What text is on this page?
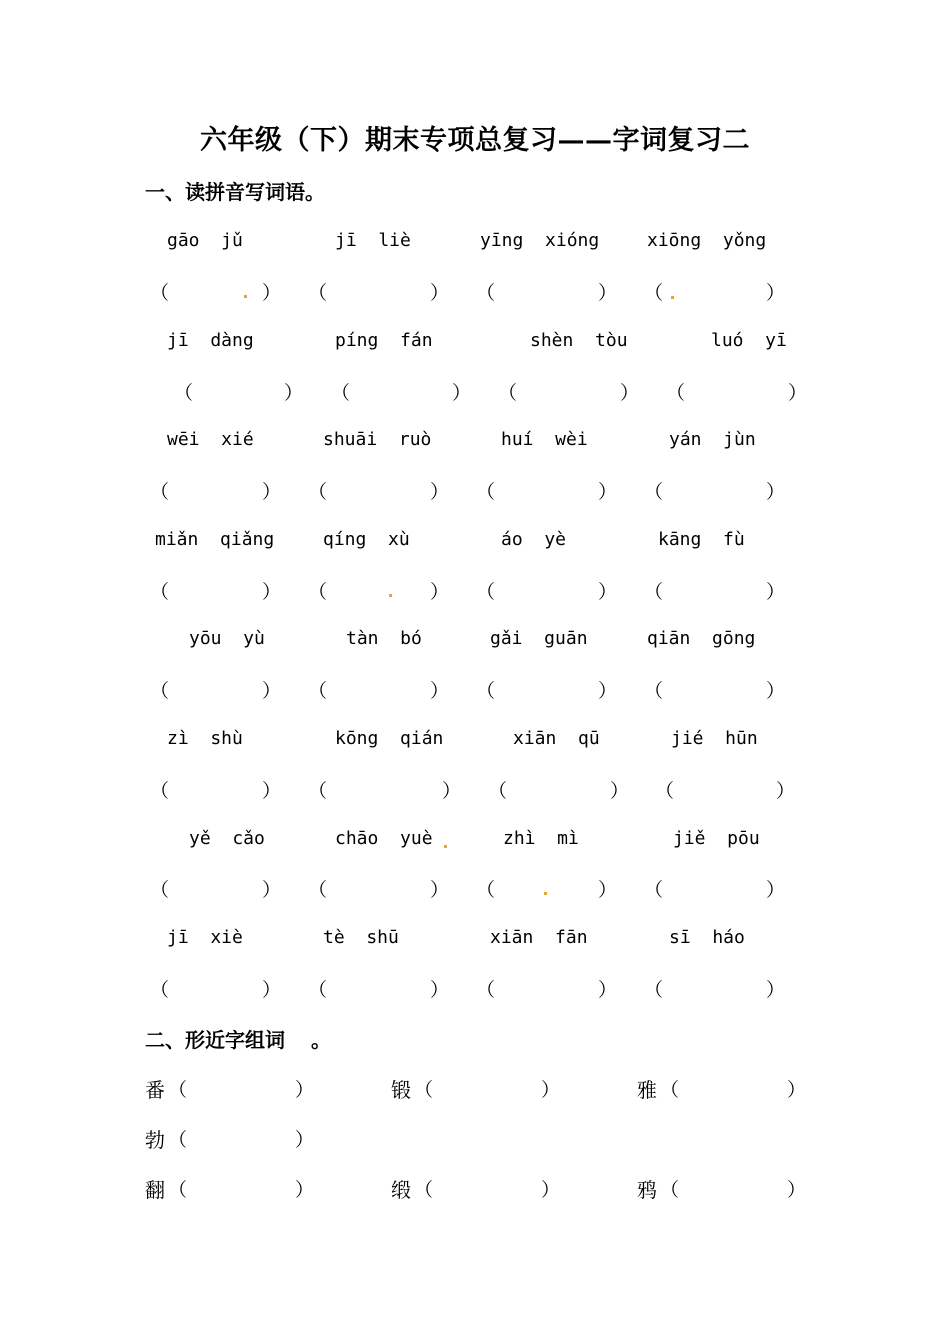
六年级（下）期末专项总复习——字词复习二
一、读拼音写词语。
gāo  jǔ	jī  liè	yīng  xióng	xiōng  yǒng
（	） （	） （	） （	）
jī  dàng	píng  fán	shèn  tòu	luó  yī
（	） （	） （	） （	）
wēi  xié	shuāi  ruò	huí  wèi	yán  jùn
（	） （	） （	） （	）
miǎn  qiǎng	qíng  xù	áo  yè	kāng  fù
（	） （	） （	） （	）
yōu  yù	tàn  bó	gǎi  guān	qiān  gōng
（	） （	） （	） （	）
zì  shù	kōng  qián	xiān  qū	jié  hūn
（	） （	） （	） （	）
yě  cǎo	chāo  yuè	zhì  mì	jiě  pōu
（	） （	） （	） （	）
jī  xiè	tè  shū	xiān  fān	sī  háo
（	） （	） （	） （	）
二、形近字组词 。
番 （	）	锻 （	）	雅 （	）
勃 （	）
翻 （	）	缎 （	）	鸦 （	）
